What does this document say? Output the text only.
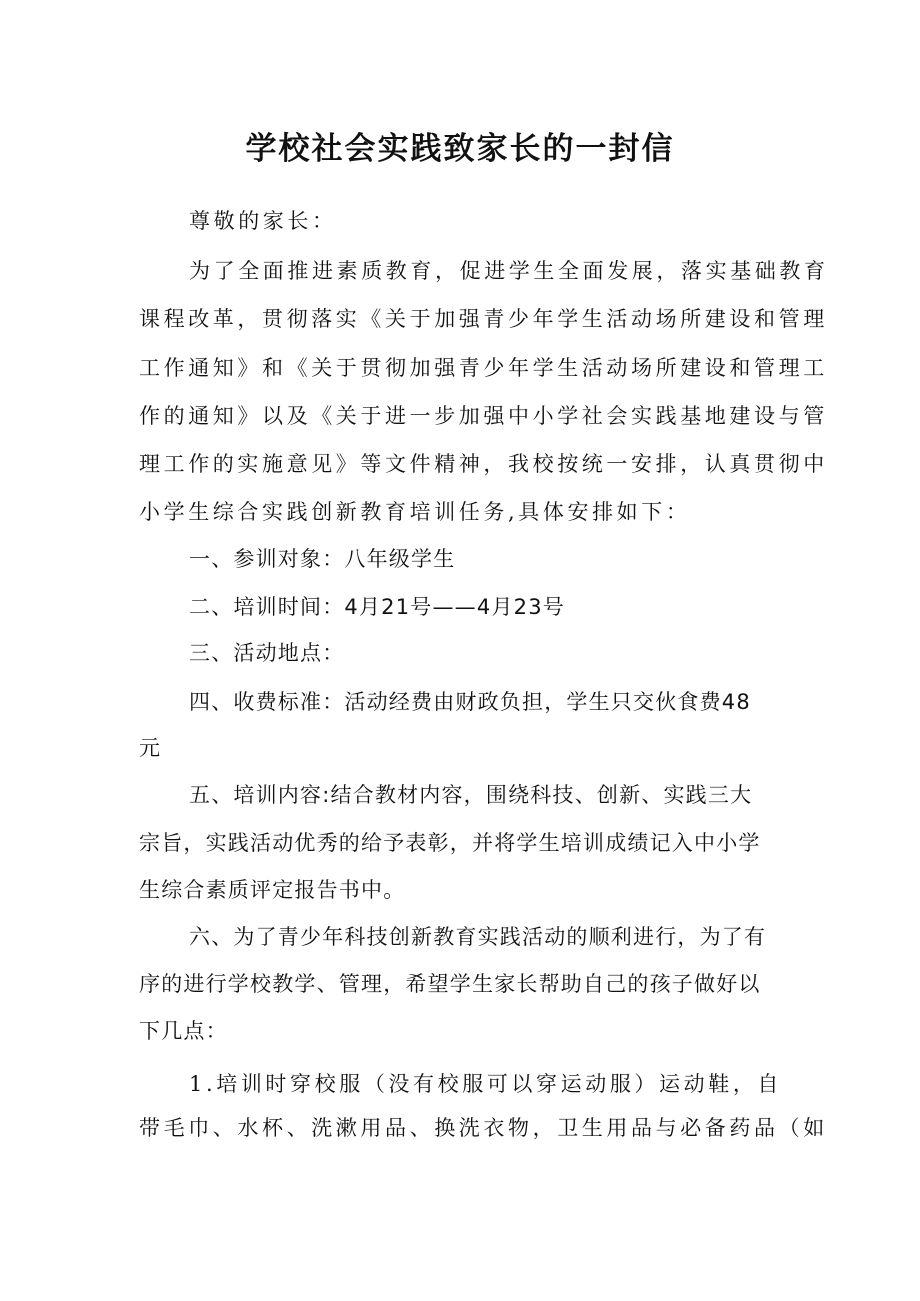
学校社会实践致家长的一封信
尊敬的家长：
为了全面推进素质教育，促进学生全面发展，落实基础教育
课程改革，贯彻落实《关于加强青少年学生活动场所建设和管理
工作通知》和《关于贯彻加强青少年学生活动场所建设和管理工
作的通知》以及《关于进一步加强中小学社会实践基地建设与管
理工作的实施意见》等文件精神，我校按统一安排，认真贯彻中
小学生综合实践创新教育培训任务,具体安排如下：
一、参训对象：八年级学生
二、培训时间：4月21号——4月23号
三、活动地点：
四、收费标准：活动经费由财政负担，学生只交伙食费48
元
五、培训内容:结合教材内容，围绕科技、创新、实践三大
宗旨，实践活动优秀的给予表彰，并将学生培训成绩记入中小学
生综合素质评定报告书中。
六、为了青少年科技创新教育实践活动的顺利进行，为了有
序的进行学校教学、管理，希望学生家长帮助自己的孩子做好以
下几点：
1.培训时穿校服（没有校服可以穿运动服）运动鞋，自
带毛巾、水杯、洗漱用品、换洗衣物，卫生用品与必备药品（如
